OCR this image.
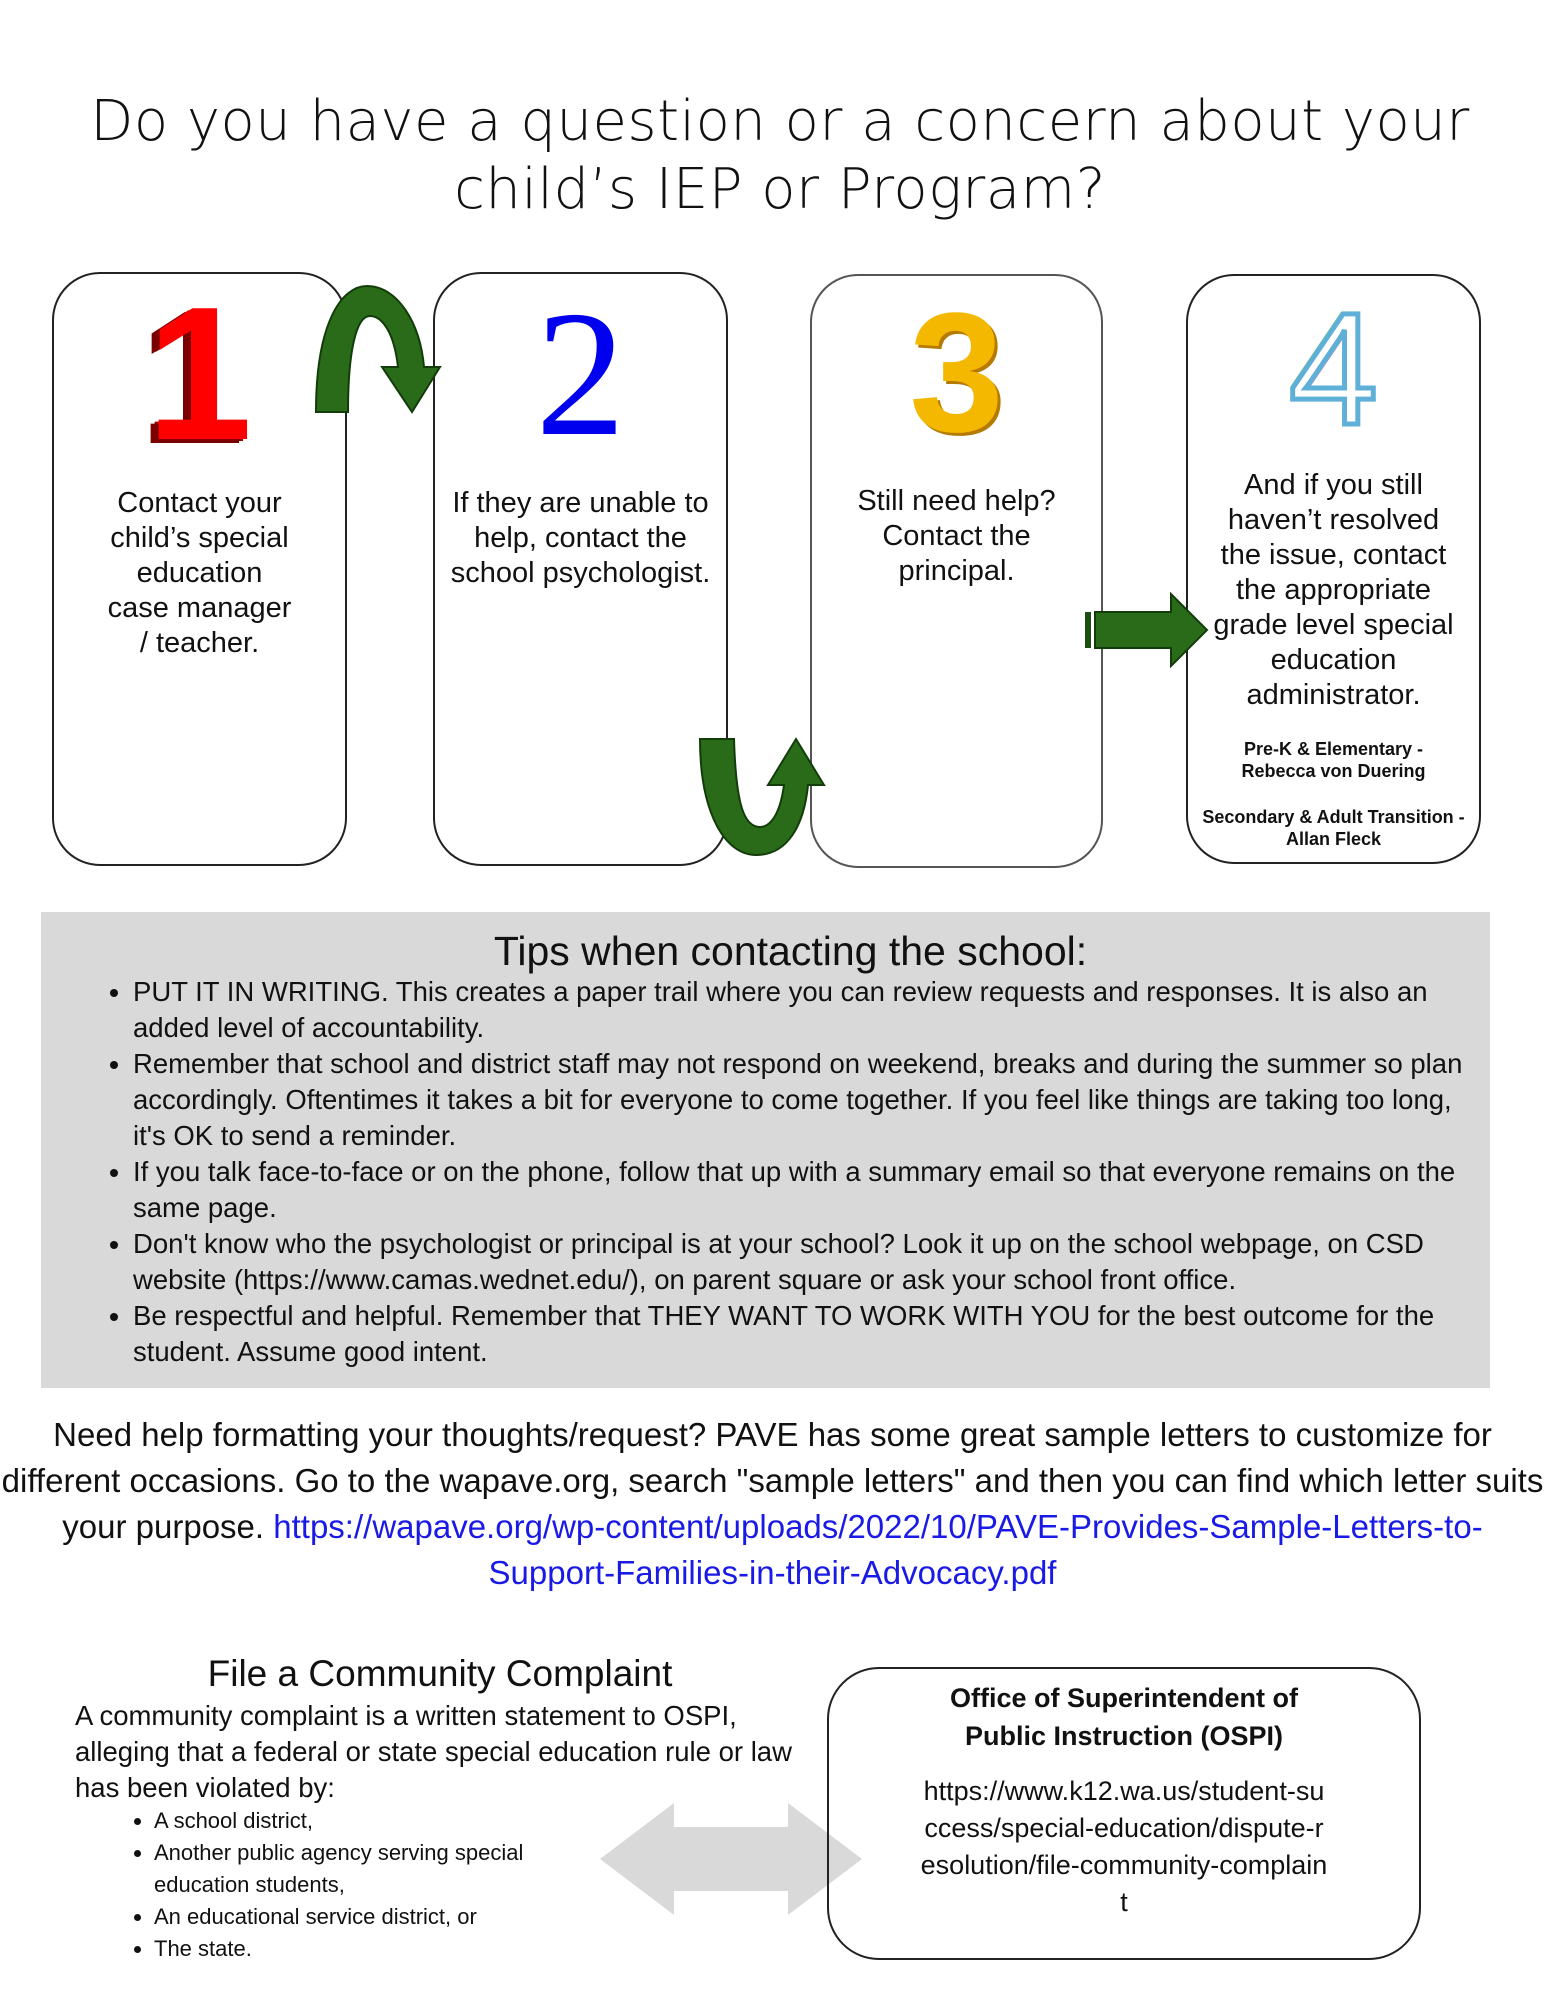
Do you have a question or a concern about your
child’s IEP or Program?
1
Contact your child’s special education case manager / teacher.
2
If they are unable to help, contact the school psychologist.
3
Still need help? Contact the principal.
4
And if you still haven’t resolved the issue, contact the appropriate grade level special education administrator.
Pre-K & Elementary - Rebecca von Duering
Secondary & Adult Transition - Allan Fleck
Tips when contacting the school:
• PUT IT IN WRITING. This creates a paper trail where you can review requests and responses. It is also an added level of accountability.
• Remember that school and district staff may not respond on weekend, breaks and during the summer so plan accordingly. Oftentimes it takes a bit for everyone to come together. If you feel like things are taking too long, it's OK to send a reminder.
• If you talk face-to-face or on the phone, follow that up with a summary email so that everyone remains on the same page.
• Don't know who the psychologist or principal is at your school? Look it up on the school webpage, on CSD website (https://www.camas.wednet.edu/), on parent square or ask your school front office.
• Be respectful and helpful. Remember that THEY WANT TO WORK WITH YOU for the best outcome for the student. Assume good intent.
Need help formatting your thoughts/request? PAVE has some great sample letters to customize for different occasions. Go to the wapave.org, search "sample letters" and then you can find which letter suits your purpose. https://wapave.org/wp-content/uploads/2022/10/PAVE-Provides-Sample-Letters-to-Support-Families-in-their-Advocacy.pdf
File a Community Complaint
A community complaint is a written statement to OSPI, alleging that a federal or state special education rule or law has been violated by:
• A school district,
• Another public agency serving special education students,
• An educational service district, or
• The state.
Office of Superintendent of Public Instruction (OSPI)
https://www.k12.wa.us/student-success/special-education/dispute-resolution/file-community-complaint
